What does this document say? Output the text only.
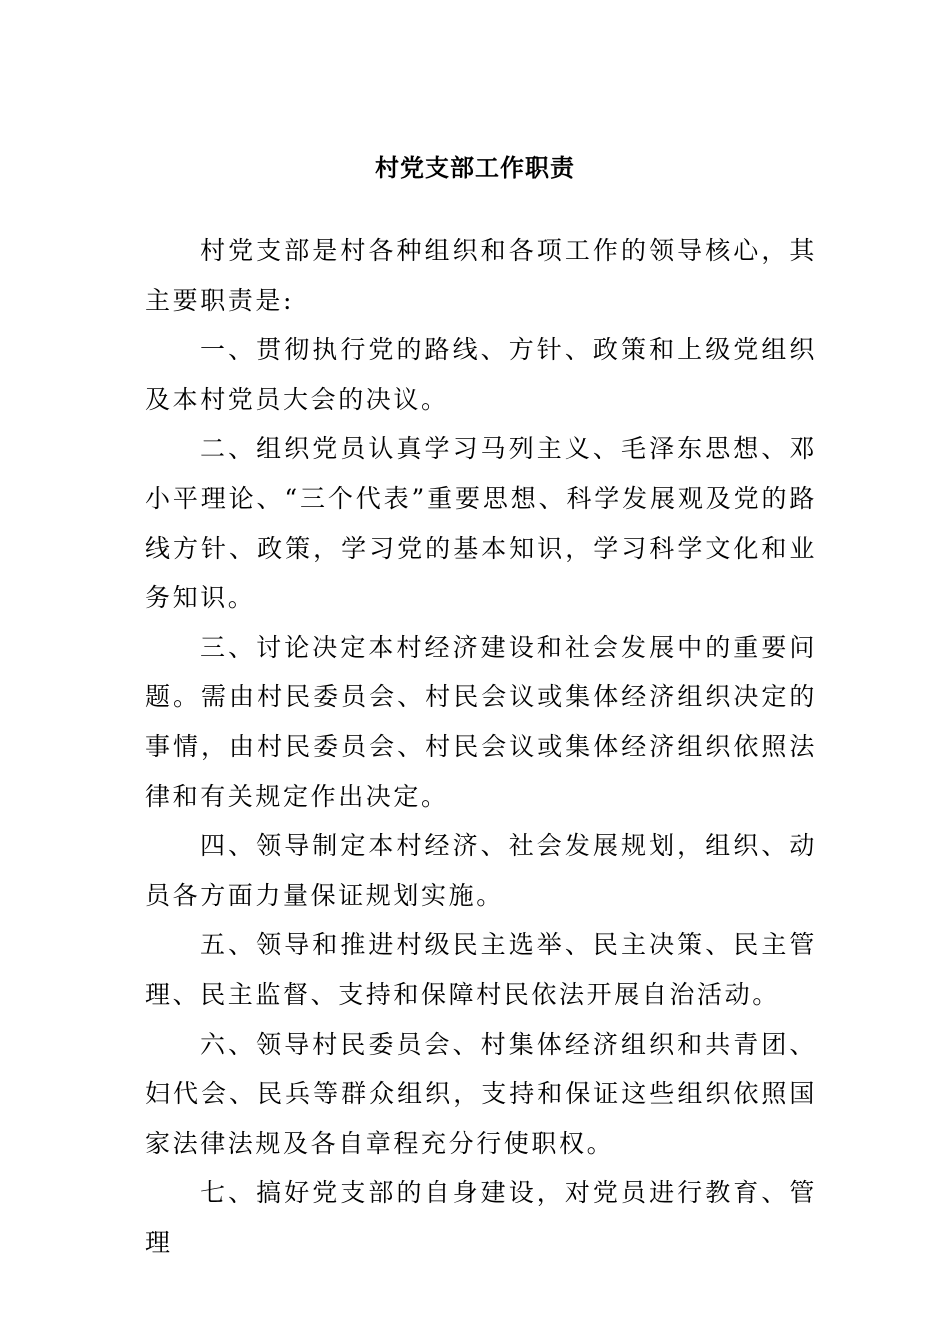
村党支部工作职责

村党支部是村各种组织和各项工作的领导核心，其主要职责是:

一、贯彻执行党的路线、方针、政策和上级党组织及本村党员大会的决议。

二、组织党员认真学习马列主义、毛泽东思想、邓小平理论、“三个代表”重要思想、科学发展观及党的路线方针、政策，学习党的基本知识，学习科学文化和业务知识。

三、讨论决定本村经济建设和社会发展中的重要问题。需由村民委员会、村民会议或集体经济组织决定的事情，由村民委员会、村民会议或集体经济组织依照法律和有关规定作出决定。

四、领导制定本村经济、社会发展规划，组织、动员各方面力量保证规划实施。

五、领导和推进村级民主选举、民主决策、民主管理、民主监督、支持和保障村民依法开展自治活动。

六、领导村民委员会、村集体经济组织和共青团、妇代会、民兵等群众组织，支持和保证这些组织依照国家法律法规及各自章程充分行使职权。

七、搞好党支部的自身建设，对党员进行教育、管理
